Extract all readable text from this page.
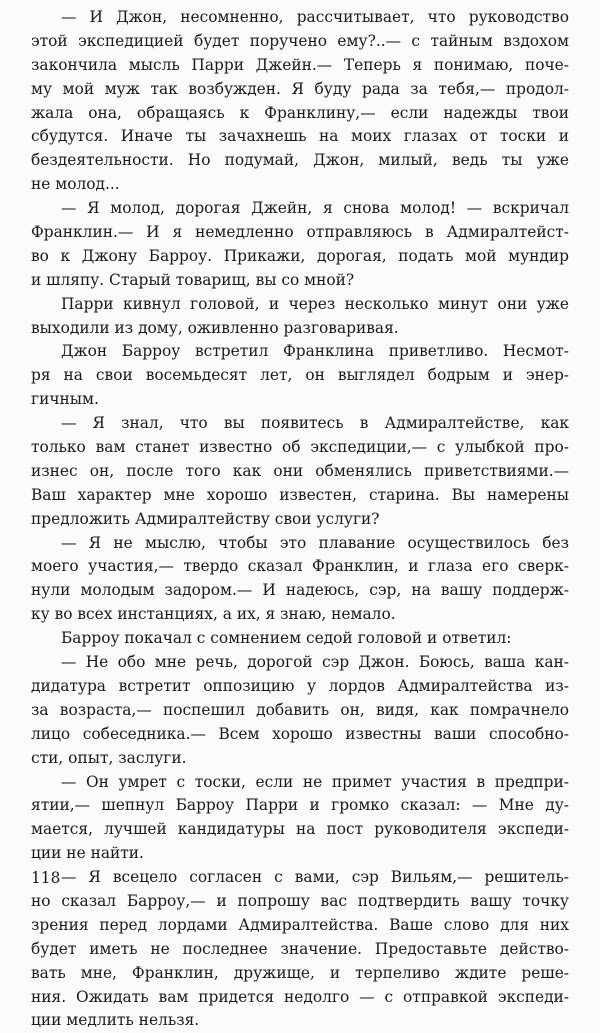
— И Джон, несомненно, рассчитывает, что руководство
этой экспедицией будет поручено ему?..— с тайным вздохом
закончила мысль Парри Джейн.— Теперь я понимаю, поче-
му мой муж так возбужден. Я буду рада за тебя,— продол-
жала она, обращаясь к Франклину,— если надежды твои
сбудутся. Иначе ты зачахнешь на моих глазах от тоски и
бездеятельности. Но подумай, Джон, милый, ведь ты уже
не молод...
— Я молод, дорогая Джейн, я снова молод! — вскричал
Франклин.— И я немедленно отправляюсь в Адмиралтейст-
во к Джону Барроу. Прикажи, дорогая, подать мой мундир
и шляпу. Старый товарищ, вы со мной?
Парри кивнул головой, и через несколько минут они уже
выходили из дому, оживленно разговаривая.
Джон Барроу встретил Франклина приветливо. Несмот-
ря на свои восемьдесят лет, он выглядел бодрым и энер-
гичным.
— Я знал, что вы появитесь в Адмиралтействе, как
только вам станет известно об экспедиции,— с улыбкой про-
изнес он, после того как они обменялись приветствиями.—
Ваш характер мне хорошо известен, старина. Вы намерены
предложить Адмиралтейству свои услуги?
— Я не мыслю, чтобы это плавание осуществилось без
моего участия,— твердо сказал Франклин, и глаза его сверк-
нули молодым задором.— И надеюсь, сэр, на вашу поддерж-
ку во всех инстанциях, а их, я знаю, немало.
Барроу покачал с сомнением седой головой и ответил:
— Не обо мне речь, дорогой сэр Джон. Боюсь, ваша кан-
дидатура встретит оппозицию у лордов Адмиралтейства из-
за возраста,— поспешил добавить он, видя, как помрачнело
лицо собеседника.— Всем хорошо известны ваши способно-
сти, опыт, заслуги.
— Он умрет с тоски, если не примет участия в предпри-
ятии,— шепнул Барроу Парри и громко сказал: — Мне ду-
мается, лучшей кандидатуры на пост руководителя экспеди-
ции не найти.
— Я всецело согласен с вами, сэр Вильям,— решитель-
но сказал Барроу,— и попрошу вас подтвердить вашу точку
зрения перед лордами Адмиралтейства. Ваше слово для них
будет иметь не последнее значение. Предоставьте действо-
вать мне, Франклин, дружище, и терпеливо ждите реше-
ния. Ожидать вам придется недолго — с отправкой экспеди-
ции медлить нельзя.
118
